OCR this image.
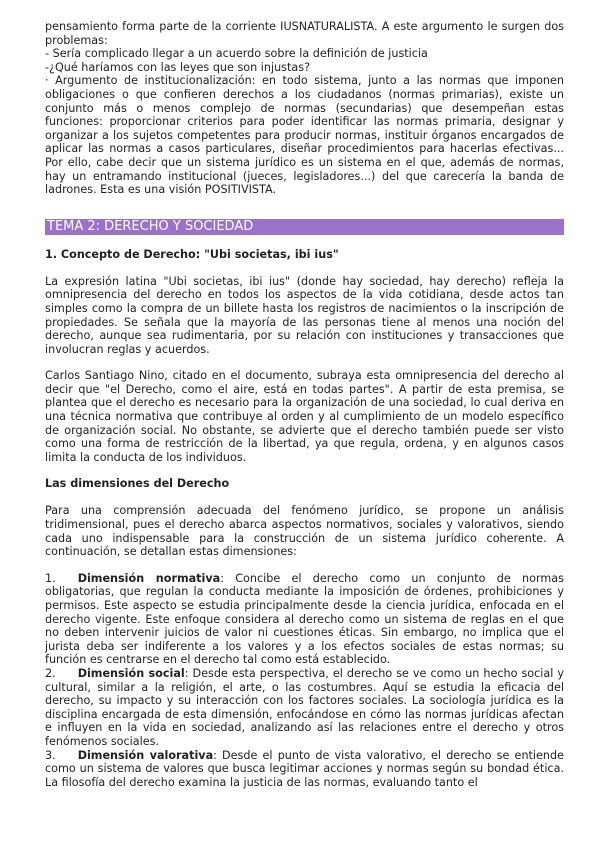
pensamiento forma parte de la corriente IUSNATURALISTA. A este argumento le surgen dos problemas:

- Sería complicado llegar a un acuerdo sobre la definición de justicia

-¿Qué haríamos con las leyes que son injustas?

· Argumento de institucionalización: en todo sistema, junto a las normas que imponen obligaciones o que confieren derechos a los ciudadanos (normas primarias), existe un conjunto más o menos complejo de normas (secundarias) que desempeñan estas funciones: proporcionar criterios para poder identificar las normas primaria, designar y organizar a los sujetos competentes para producir normas, instituir órganos encargados de aplicar las normas a casos particulares, diseñar procedimientos para hacerlas efectivas... Por ello, cabe decir que un sistema jurídico es un sistema en el que, además de normas, hay un entramando institucional (jueces, legisladores...) del que carecería la banda de ladrones. Esta es una visión POSITIVISTA.

TEMA 2: DERECHO Y SOCIEDAD

1. Concepto de Derecho: "Ubi societas, ibi ius"

La expresión latina "Ubi societas, ibi ius" (donde hay sociedad, hay derecho) refleja la omnipresencia del derecho en todos los aspectos de la vida cotidiana, desde actos tan simples como la compra de un billete hasta los registros de nacimientos o la inscripción de propiedades. Se señala que la mayoría de las personas tiene al menos una noción del derecho, aunque sea rudimentaria, por su relación con instituciones y transacciones que involucran reglas y acuerdos.

Carlos Santiago Nino, citado en el documento, subraya esta omnipresencia del derecho al decir que "el Derecho, como el aire, está en todas partes". A partir de esta premisa, se plantea que el derecho es necesario para la organización de una sociedad, lo cual deriva en una técnica normativa que contribuye al orden y al cumplimiento de un modelo específico de organización social. No obstante, se advierte que el derecho también puede ser visto como una forma de restricción de la libertad, ya que regula, ordena, y en algunos casos limita la conducta de los individuos.

Las dimensiones del Derecho

Para una comprensión adecuada del fenómeno jurídico, se propone un análisis tridimensional, pues el derecho abarca aspectos normativos, sociales y valorativos, siendo cada uno indispensable para la construcción de un sistema jurídico coherente. A continuación, se detallan estas dimensiones:

1. Dimensión normativa: Concibe el derecho como un conjunto de normas obligatorias, que regulan la conducta mediante la imposición de órdenes, prohibiciones y permisos. Este aspecto se estudia principalmente desde la ciencia jurídica, enfocada en el derecho vigente. Este enfoque considera al derecho como un sistema de reglas en el que no deben intervenir juicios de valor ni cuestiones éticas. Sin embargo, no implica que el jurista deba ser indiferente a los valores y a los efectos sociales de estas normas; su función es centrarse en el derecho tal como está establecido.

2. Dimensión social: Desde esta perspectiva, el derecho se ve como un hecho social y cultural, similar a la religión, el arte, o las costumbres. Aquí se estudia la eficacia del derecho, su impacto y su interacción con los factores sociales. La sociología jurídica es la disciplina encargada de esta dimensión, enfocándose en cómo las normas jurídicas afectan e influyen en la vida en sociedad, analizando así las relaciones entre el derecho y otros fenómenos sociales.

3. Dimensión valorativa: Desde el punto de vista valorativo, el derecho se entiende como un sistema de valores que busca legitimar acciones y normas según su bondad ética. La filosofía del derecho examina la justicia de las normas, evaluando tanto el
